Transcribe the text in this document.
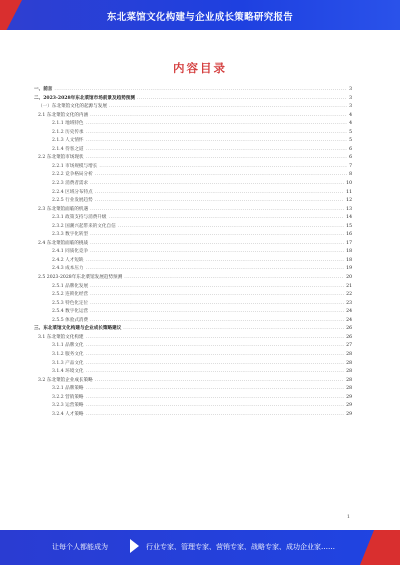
东北菜馆文化构建与企业成长策略研究报告
内容目录
一、前言 .....	3
二、2023-2028年东北菜馆市场前景及趋势预测 .....	3
（一）东北菜馆文化的起源与发展 .....	3
2.1 东北菜馆文化的内涵 .....	4
2.1.1 地域特色 .....	4
2.1.2 历史传承 .....	5
2.1.3 人文情怀 .....	5
2.1.4 待客之道 .....	6
2.2 东北菜馆市场现状 .....	6
2.2.1 市场规模与增长 .....	7
2.2.2 竞争格局分析 .....	8
2.2.3 消费者需求 .....	10
2.2.4 区域分布特点 .....	11
2.2.5 行业发展趋势 .....	12
2.3 东北菜馆面临的机遇 .....	13
2.3.1 政策支持与消费升级 .....	14
2.3.2 国潮兴起带来的文化自信 .....	15
2.3.3 数字化转型 .....	16
2.4 东北菜馆面临的挑战 .....	17
2.4.1 同质化竞争 .....	18
2.4.2 人才短缺 .....	18
2.4.3 成本压力 .....	19
2.5 2023-2028年东北菜馆发展趋势预测 .....	20
2.5.1 品牌化发展 .....	21
2.5.2 连锁化经营 .....	22
2.5.3 特色化定位 .....	23
2.5.4 数字化运营 .....	24
2.5.5 体验式消费 .....	24
三、东北菜馆文化构建与企业成长策略建议 .....	26
3.1 东北菜馆文化构建 .....	26
3.1.1 品牌文化 .....	27
3.1.2 服务文化 .....	28
3.1.3 产品文化 .....	28
3.1.4 环境文化 .....	28
3.2 东北菜馆企业成长策略 .....	28
3.2.1 品牌策略 .....	28
3.2.2 营销策略 .....	29
3.2.3 运营策略 .....	29
3.2.4 人才策略 .....	29
1
让每个人都能成为	行业专家、管理专家、营销专家、战略专家、成功企业家……
